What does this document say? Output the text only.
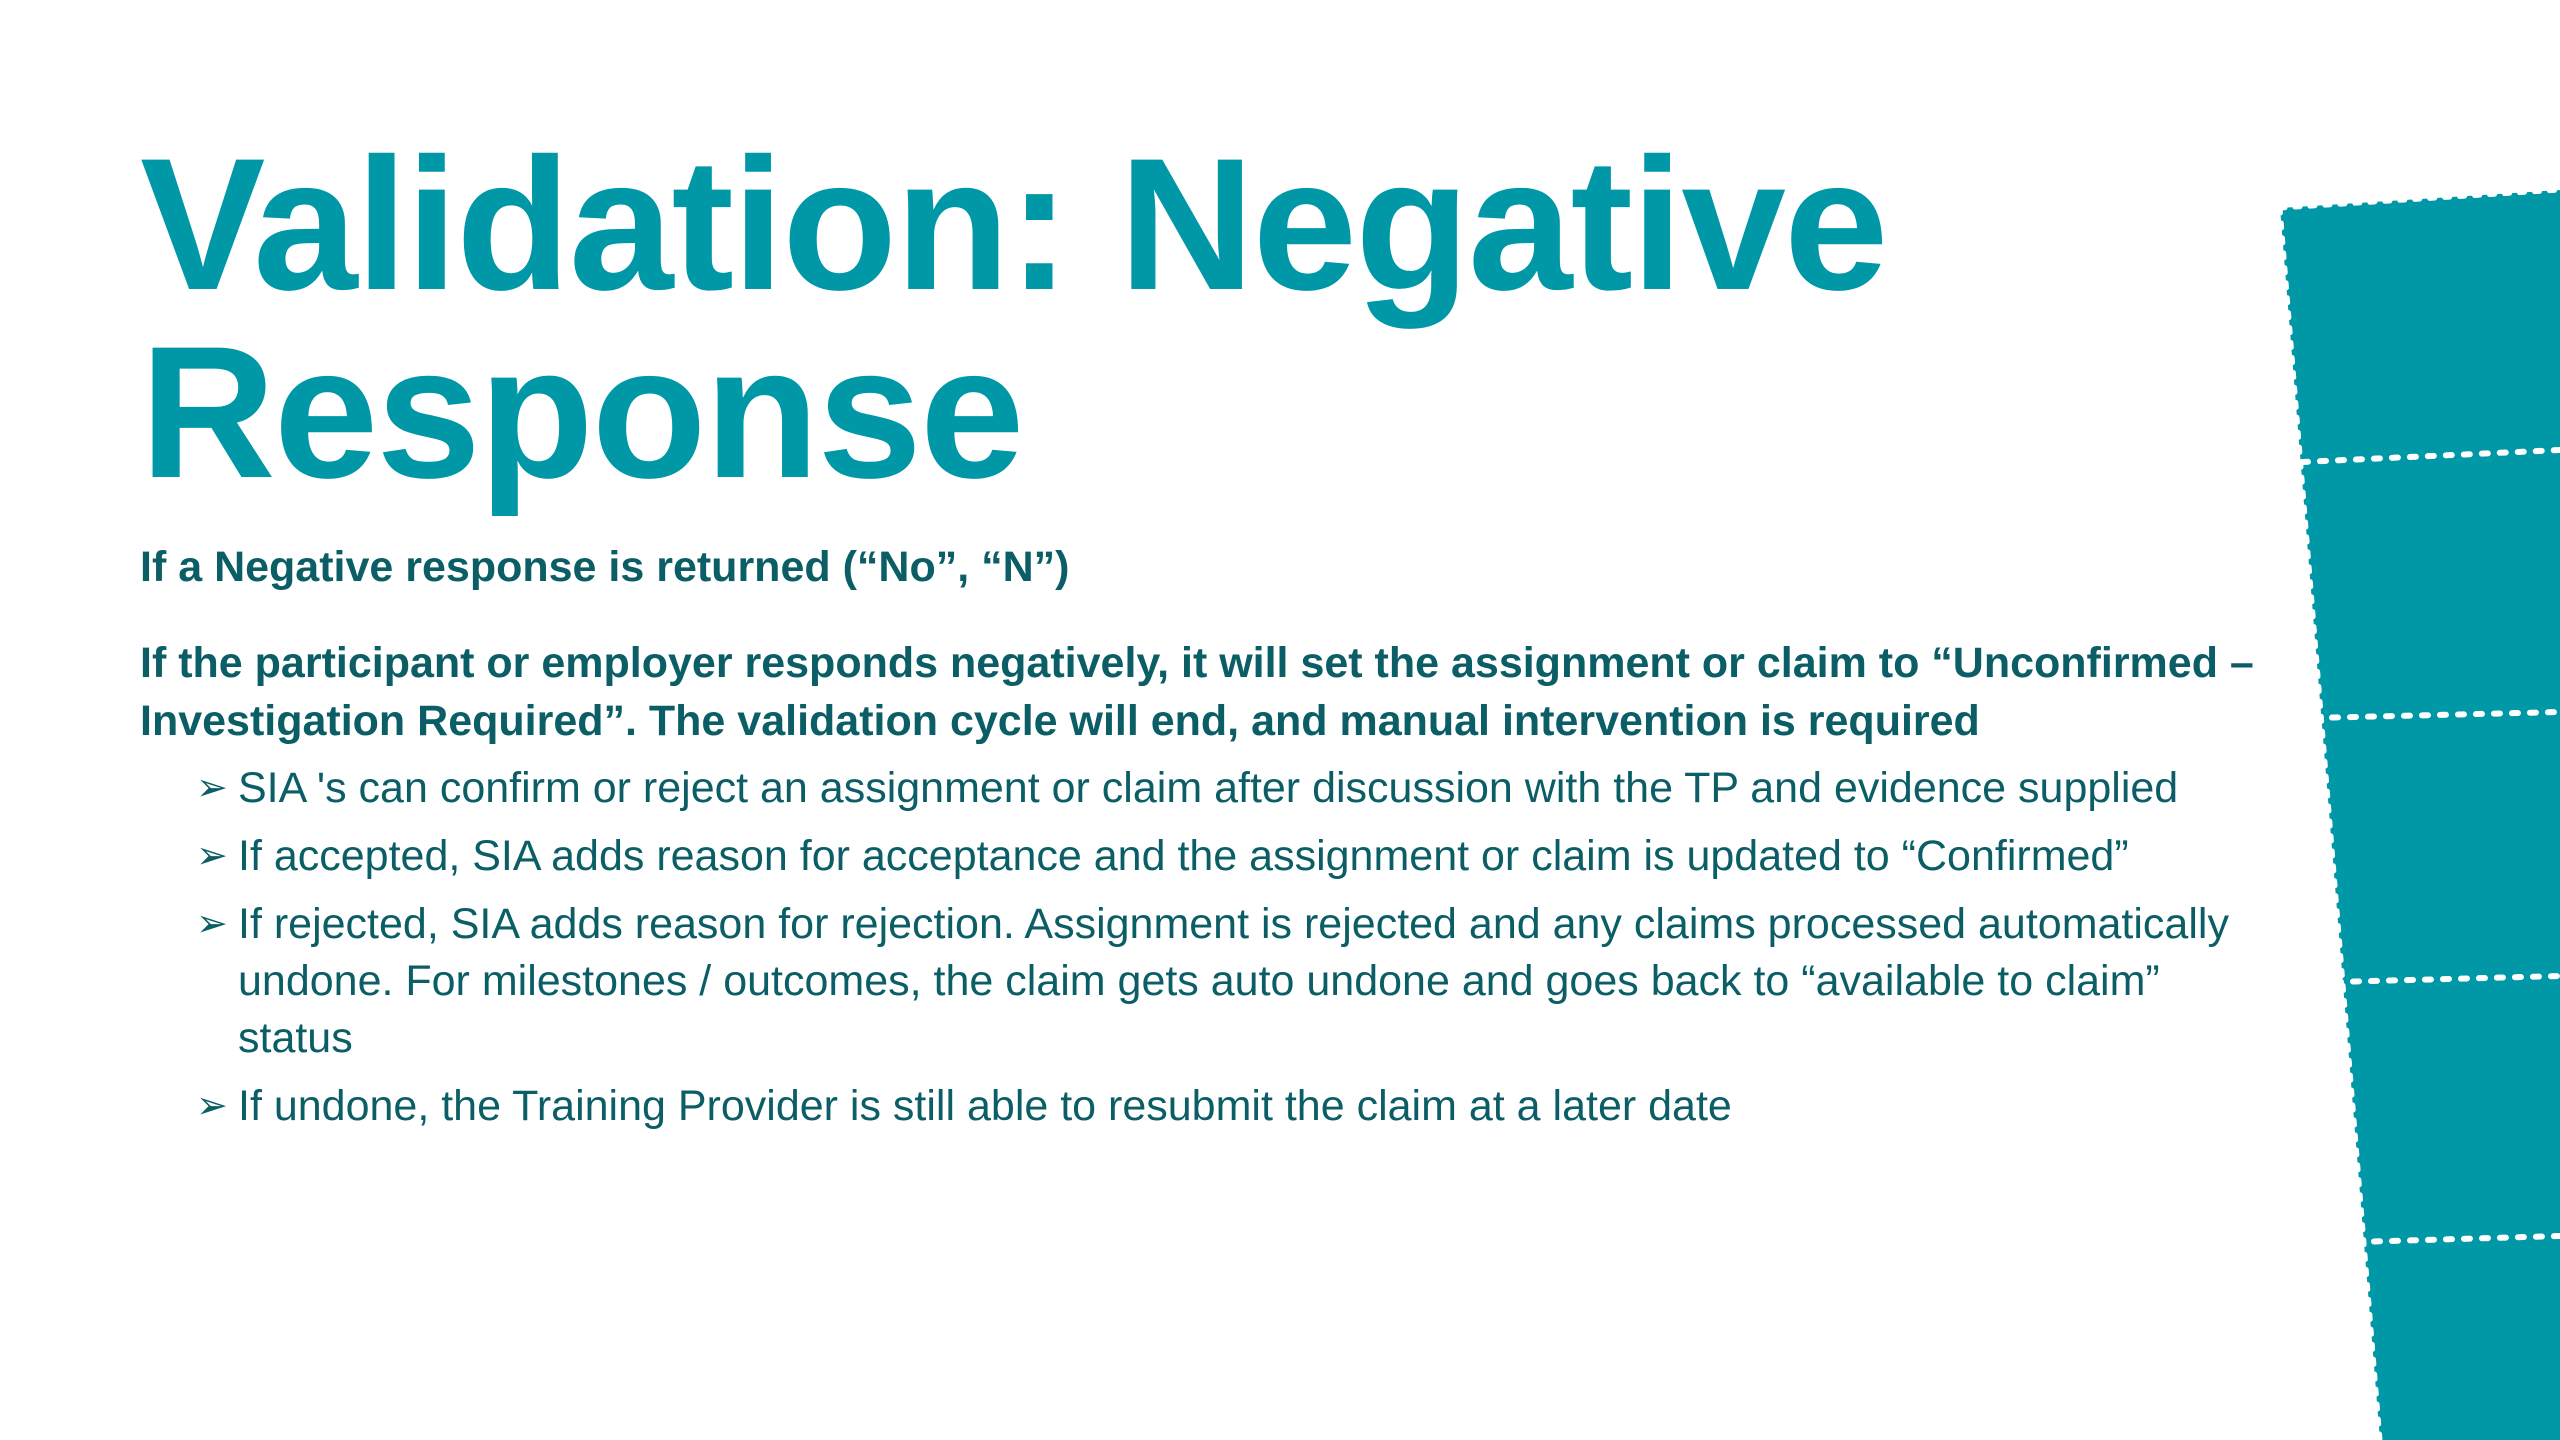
Validation: Negative Response

If a Negative response is returned (“No”, “N”)

If the participant or employer responds negatively, it will set the assignment or claim to “Unconfirmed – Investigation Required”. The validation cycle will end, and manual intervention is required

➢ SIA 's can confirm or reject an assignment or claim after discussion with the TP and evidence supplied
➢ If accepted, SIA adds reason for acceptance and the assignment or claim is updated to “Confirmed”
➢ If rejected, SIA adds reason for rejection. Assignment is rejected and any claims processed automatically undone. For milestones / outcomes, the claim gets auto undone and goes back to “available to claim” status
➢ If undone, the Training Provider is still able to resubmit the claim at a later date
